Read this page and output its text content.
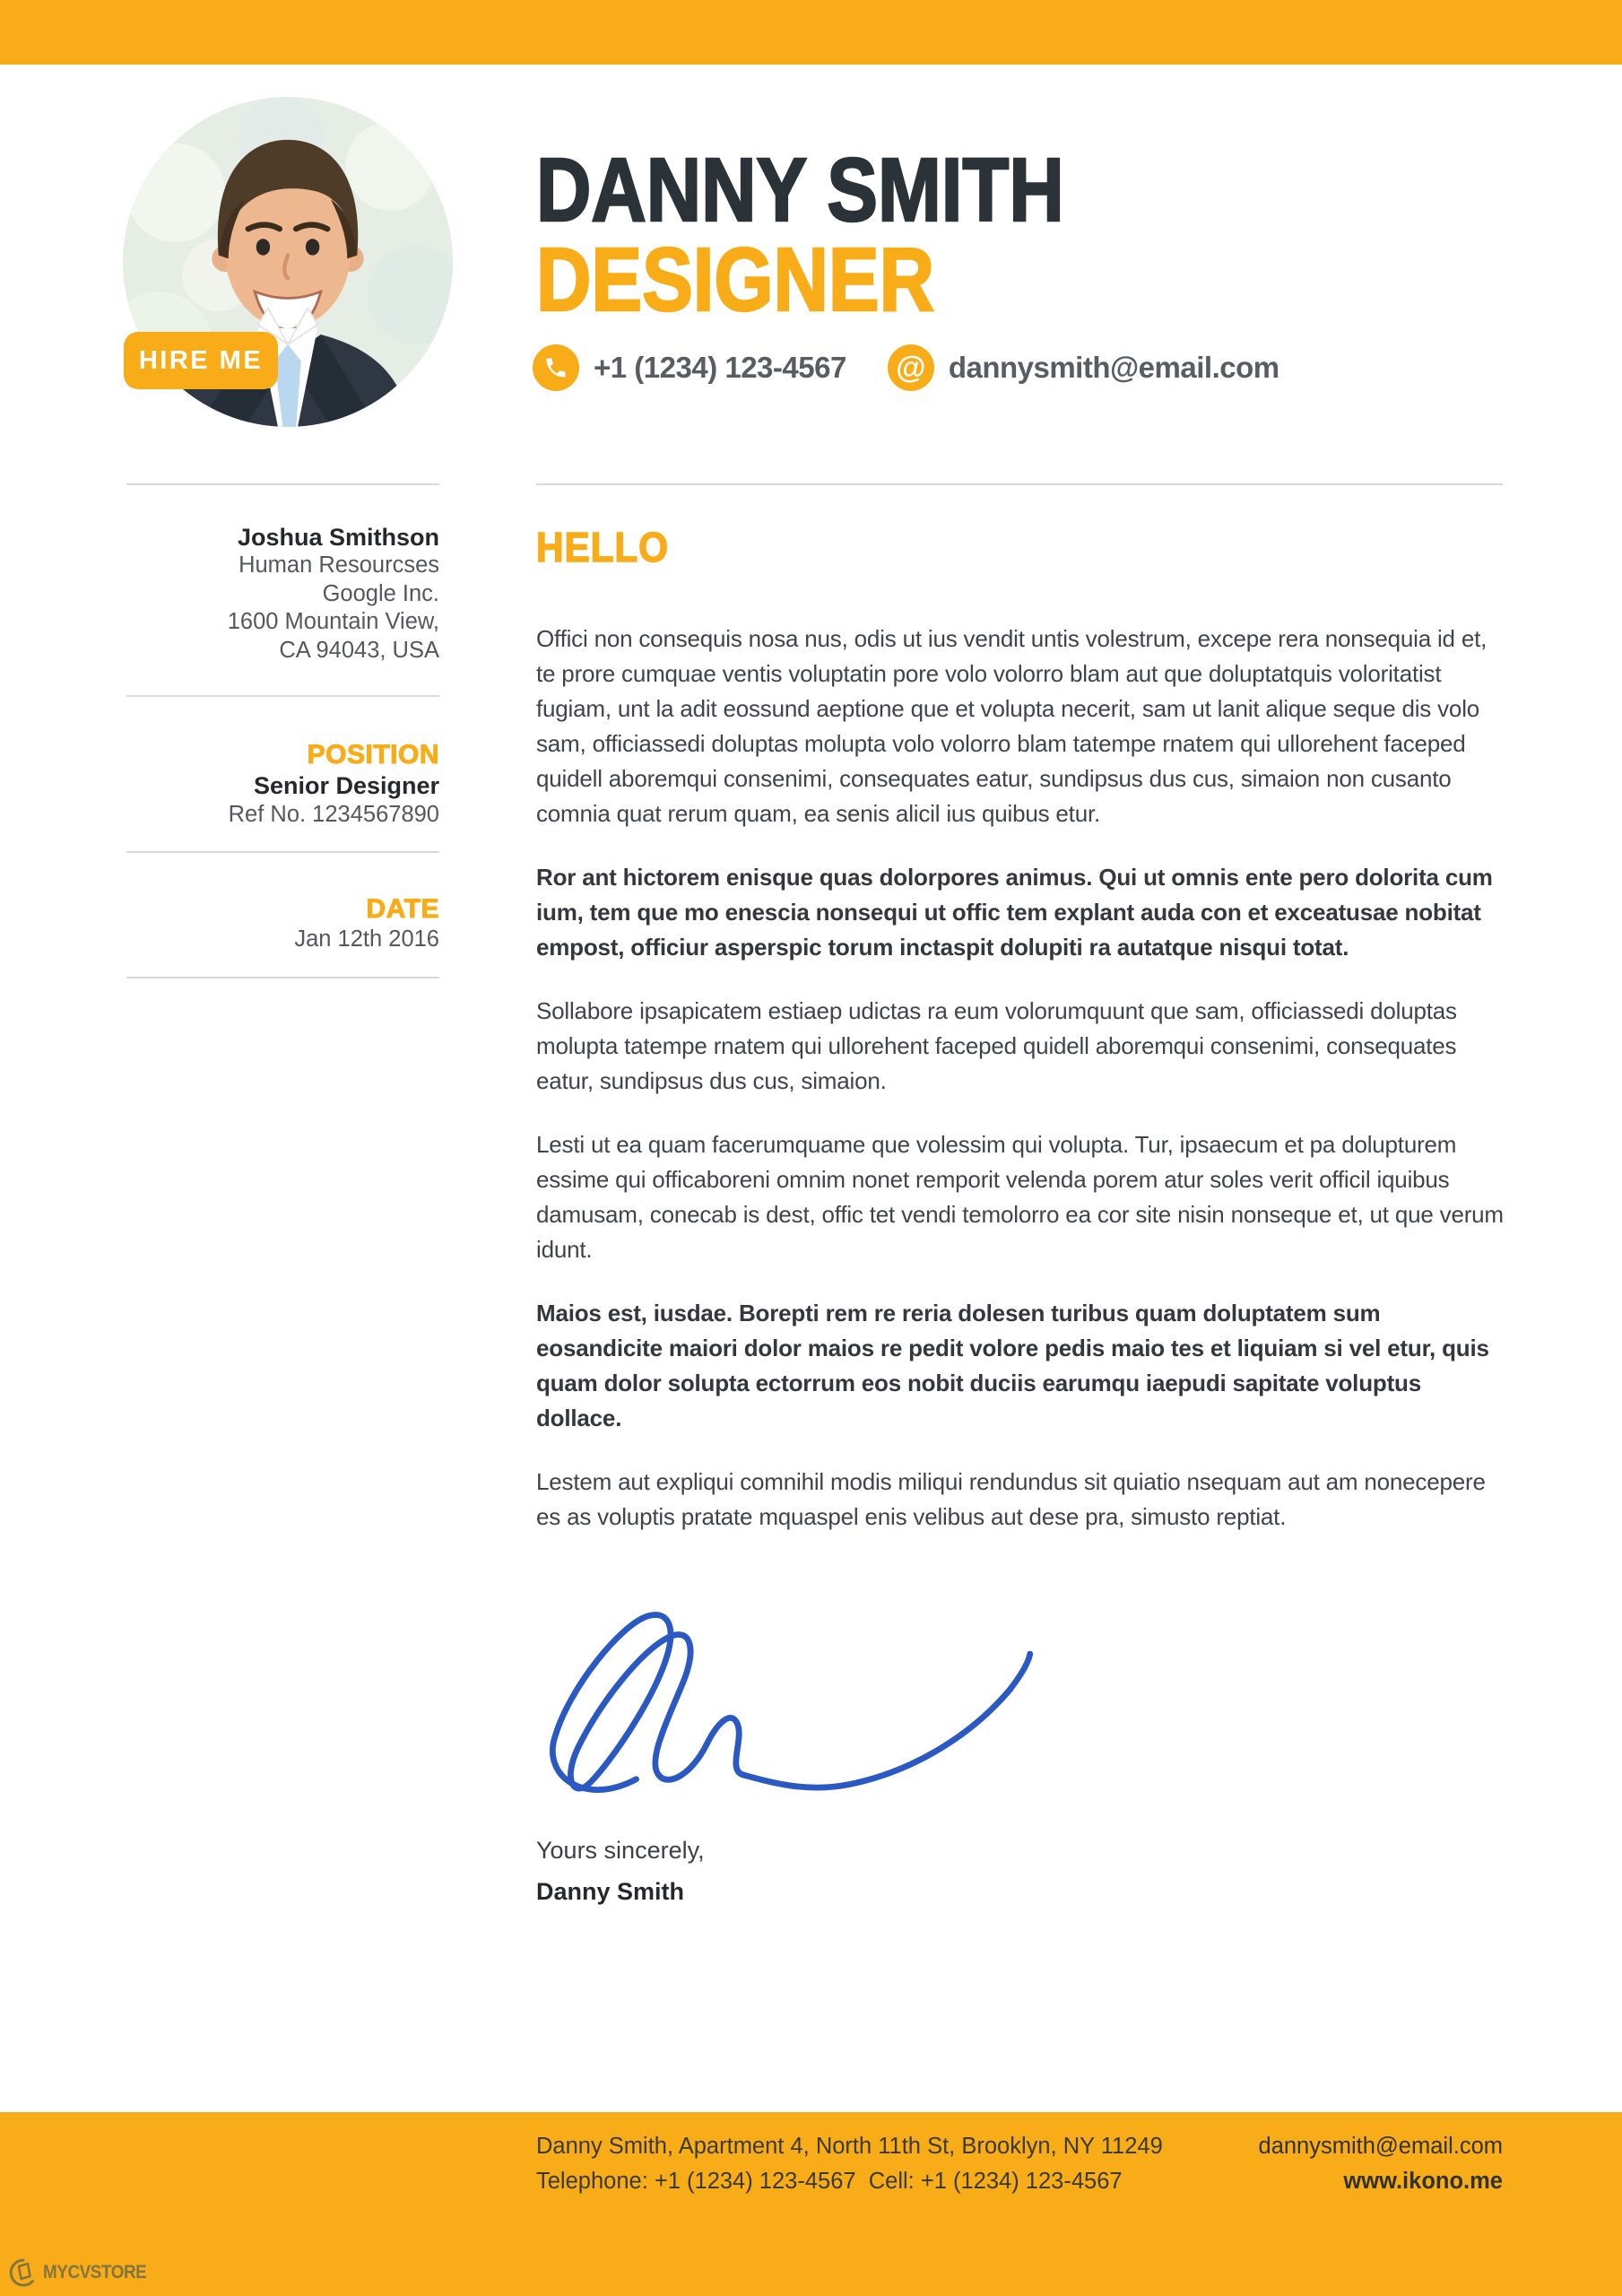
HIRE ME
DANNY SMITH
DESIGNER
+1 (1234) 123-4567 @ dannysmith@email.com

Joshua Smithson

Human Resourcses

Google Inc.

1600 Mountain View,

CA 94043, USA

POSITION

Senior Designer

Ref No. 1234567890

DATE

Jan 12th 2016

HELLO

Offici non consequis nosa nus, odis ut ius vendit untis volestrum, excepe rera nonsequia id et, te prore cumquae ventis voluptatin pore volo volorro blam aut que doluptatquis voloritatist fugiam, unt la adit eossund aeptione que et volupta necerit, sam ut lanit alique seque dis volo sam, officiassedi doluptas molupta volo volorro blam tatempe rnatem qui ullorehent faceped quidell aboremqui consenimi, consequates eatur, sundipsus dus cus, simaion non cusanto comnia quat rerum quam, ea senis alicil ius quibus etur.

Ror ant hictorem enisque quas dolorpores animus. Qui ut omnis ente pero dolorita cum ium, tem que mo enescia nonsequi ut offic tem explant auda con et exceatusae nobitat empost, officiur asperspic torum inctaspit dolupiti ra autatque nisqui totat.

Sollabore ipsapicatem estiaep udictas ra eum volorumquunt que sam, officiassedi doluptas molupta tatempe rnatem qui ullorehent faceped quidell aboremqui consenimi, consequates eatur, sundipsus dus cus, simaion.

Lesti ut ea quam facerumquame que volessim qui volupta. Tur, ipsaecum et pa dolupturem essime qui officaboreni omnim nonet remporit velenda porem atur soles verit officil iquibus damusam, conecab is dest, offic tet vendi temolorro ea cor site nisin nonseque et, ut que verum idunt.

Maios est, iusdae. Borepti rem re reria dolesen turibus quam doluptatem sum eosandicite maiori dolor maios re pedit volore pedis maio tes et liquiam si vel etur, quis quam dolor solupta ectorrum eos nobit duciis earumqu iaepudi sapitate voluptus dollace.

Lestem aut expliqui comnihil modis miliqui rendundus sit quiatio nsequam aut am nonecepere es as voluptis pratate mquaspel enis velibus aut dese pra, simusto reptiat.

Yours sincerely,

Danny Smith

Danny Smith, Apartment 4, North 11th St, Brooklyn, NY 11249

Telephone: +1 (1234) 123-4567  Cell: +1 (1234) 123-4567

dannysmith@email.com

www.ikono.me

MYCVSTORE
